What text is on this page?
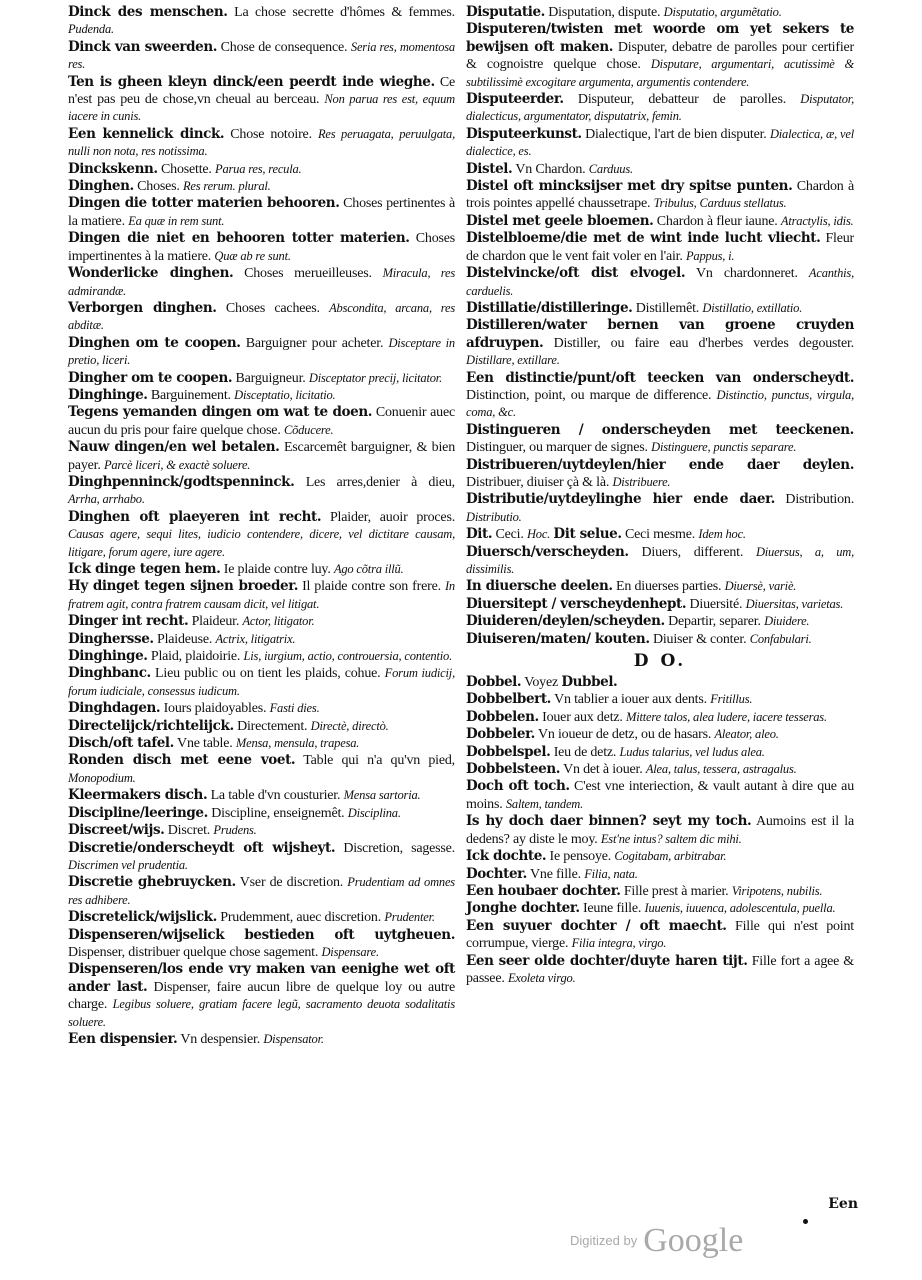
Dinck des menschen. La chose secrette d'hômes & femmes. Pudenda.

Dinck van sweerden. Chose de consequence. Seria res, momentosa res.

Ten is gheen kleyn dinck/een peerdt inde wieghe. Ce n'est pas peu de chose,vn cheual au berceau. Non parua res est, equum iacere in cunis.

Een kennelick dinck. Chose notoire. Res peruagata, peruulgata, nulli non nota, res notissima.

Dinckskenn. Chosette. Parua res, recula.

Dinghen. Choses. Res rerum. plural.

Dingen die totter materien behooren. Choses pertinentes à la matiere. Ea quæ in rem sunt.

Dingen die niet en behooren totter materien. Choses impertinentes à la matiere. Quæ ab re sunt.

Wonderlicke dinghen. Choses merueilleuses. Miracula, res admirandæ.

Verborgen dinghen. Choses cachees. Abscondita, arcana, res abditæ.

Dinghen om te coopen. Barguigner pour acheter. Disceptare in pretio, liceri.

Dingher om te coopen. Barguigneur. Disceptator precij, licitator.

Dinghinge. Barguinement. Disceptatio, licitatio.

Tegens yemanden dingen om wat te doen. Conuenir auec aucun du pris pour faire quelque chose. Cõducere.

Nauw dingen/en wel betalen. Escarcemêt barguigner, & bien payer. Parcè liceri, & exactè soluere.

Dinghpenninck/godtspenninck. Les arres,denier à dieu, Arrha, arrhabo.

Dinghen oft plaeyeren int recht. Plaider, auoir proces. Causas agere, sequi lites, iudicio contendere, dicere, vel dictitare causam, litigare, forum agere, iure agere.

Ick dinge tegen hem. Ie plaide contre luy. Ago cõtra illũ.

Hy dinget tegen sijnen broeder. Il plaide contre son frere. In fratrem agit, contra fratrem causam dicit, vel litigat.

Dinger int recht. Plaideur. Actor, litigator.

Dinghersse. Plaideuse. Actrix, litigatrix.

Dinghinge. Plaid, plaidoirie. Lis, iurgium, actio, controuersia, contentio.

Dinghbanc. Lieu public ou on tient les plaids, cohue. Forum iudicij, forum iudiciale, consessus iudicum.

Dinghdagen. Iours plaidoyables. Fasti dies.

Directelijck/richtelijck. Directement. Directè, directò.

Disch/oft tafel. Vne table. Mensa, mensula, trapesa.

Ronden disch met eene voet. Table qui n'a qu'vn pied, Monopodium.

Kleermakers disch. La table d'vn cousturier. Mensa sartoria.

Discipline/leeringe. Discipline, enseignemêt. Disciplina.

Discreet/wijs. Discret. Prudens.

Discretie/onderscheydt oft wijsheyt. Discretion, sagesse. Discrimen vel prudentia.

Discretie ghebruycken. Vser de discretion. Prudentiam ad omnes res adhibere.

Discretelick/wijslick. Prudemment, auec discretion. Prudenter.

Dispenseren/wijselick bestieden oft uytgheuen. Dispenser, distribuer quelque chose sagement. Dispensare.

Dispenseren/los ende vry maken van eenighe wet oft ander last. Dispenser, faire aucun libre de quelque loy ou autre charge. Legibus soluere, gratiam facere legũ, sacramento deuota sodalitatis soluere.

Een dispensier. Vn despensier. Dispensator.

Disputatie. Disputation, dispute. Disputatio, argumẽtatio.

Disputeren/twisten met woorde om yet sekers te bewijsen oft maken. Disputer, debatre de parolles pour certifier & cognoistre quelque chose. Disputare, argumentari, acutissimè & subtilissimè excogitare argumenta, argumentis contendere.

Disputeerder. Disputeur, debatteur de parolles. Disputator, dialecticus, argumentator, disputatrix, femin.

Disputeerkunst. Dialectique, l'art de bien disputer. Dialectica, æ, vel dialectice, es.

Distel. Vn Chardon. Carduus.

Distel oft mincksijser met dry spitse punten. Chardon à trois pointes appellé chaussetrape. Tribulus, Carduus stellatus.

Distel met geele bloemen. Chardon à fleur iaune. Atractylis, idis.

Distelbloeme/die met de wint inde lucht vliecht. Fleur de chardon que le vent fait voler en l'air. Pappus, i.

Distelvincke/oft dist elvogel. Vn chardonneret. Acanthis, carduelis.

Distillatie/distilleringe. Distillemêt. Distillatio, extillatio.

Distilleren/water bernen van groene cruyden afdruypen. Distiller, ou faire eau d'herbes verdes degouster. Distillare, extillare.

Een distinctie/punt/oft teecken van onderscheydt. Distinction, point, ou marque de difference. Distinctio, punctus, virgula, coma, &c.

Distingueren / onderscheyden met teeckenen. Distinguer, ou marquer de signes. Distinguere, punctis separare.

Distribueren/uytdeylen/hier ende daer deylen. Distribuer, diuiser çà & là. Distribuere.

Distributie/uytdeylinghe hier ende daer. Distribution. Distributio.

Dit. Ceci. Hoc. Dit selue. Ceci mesme. Idem hoc.

Diuersch/verscheyden. Diuers, different. Diuersus, a, um, dissimilis.

In diuersche deelen. En diuerses parties. Diuersè, variè.

Diuersitept / verscheydenhept. Diuersité. Diuersitas, varietas.

Diuideren/deylen/scheyden. Departir, separer. Diuidere.

Diuiseren/maten/ kouten. Diuiser & conter. Confabulari.

D O.

Dobbel. Voyez Dubbel.

Dobbelbert. Vn tablier a iouer aux dents. Fritillus.

Dobbelen. Iouer aux detz. Mittere talos, alea ludere, iacere tesseras.

Dobbeler. Vn ioueur de detz, ou de hasars. Aleator, aleo.

Dobbelspel. Ieu de detz. Ludus talarius, vel ludus alea.

Dobbelsteen. Vn det à iouer. Alea, talus, tessera, astragalus.

Doch oft toch. C'est vne interiection, & vault autant à dire que au moins. Saltem, tandem.

Is hy doch daer binnen? seyt my toch. Aumoins est il la dedens? ay diste le moy. Est'ne intus? saltem dic mihi.

Ick dochte. Ie pensoye. Cogitabam, arbitrabar.

Dochter. Vne fille. Filia, nata.

Een houbaer dochter. Fille prest à marier. Viripotens, nubilis.

Jonghe dochter. Ieune fille. Iuuenis, iuuenca, adolescentula, puella.

Een suyuer dochter / oft maecht. Fille qui n'est point corrumpue, vierge. Filia integra, virgo.

Een seer olde dochter/duyte haren tijt. Fille fort a agee & passee. Exoleta virgo.

Een
$^{Digitized by}$ Google
